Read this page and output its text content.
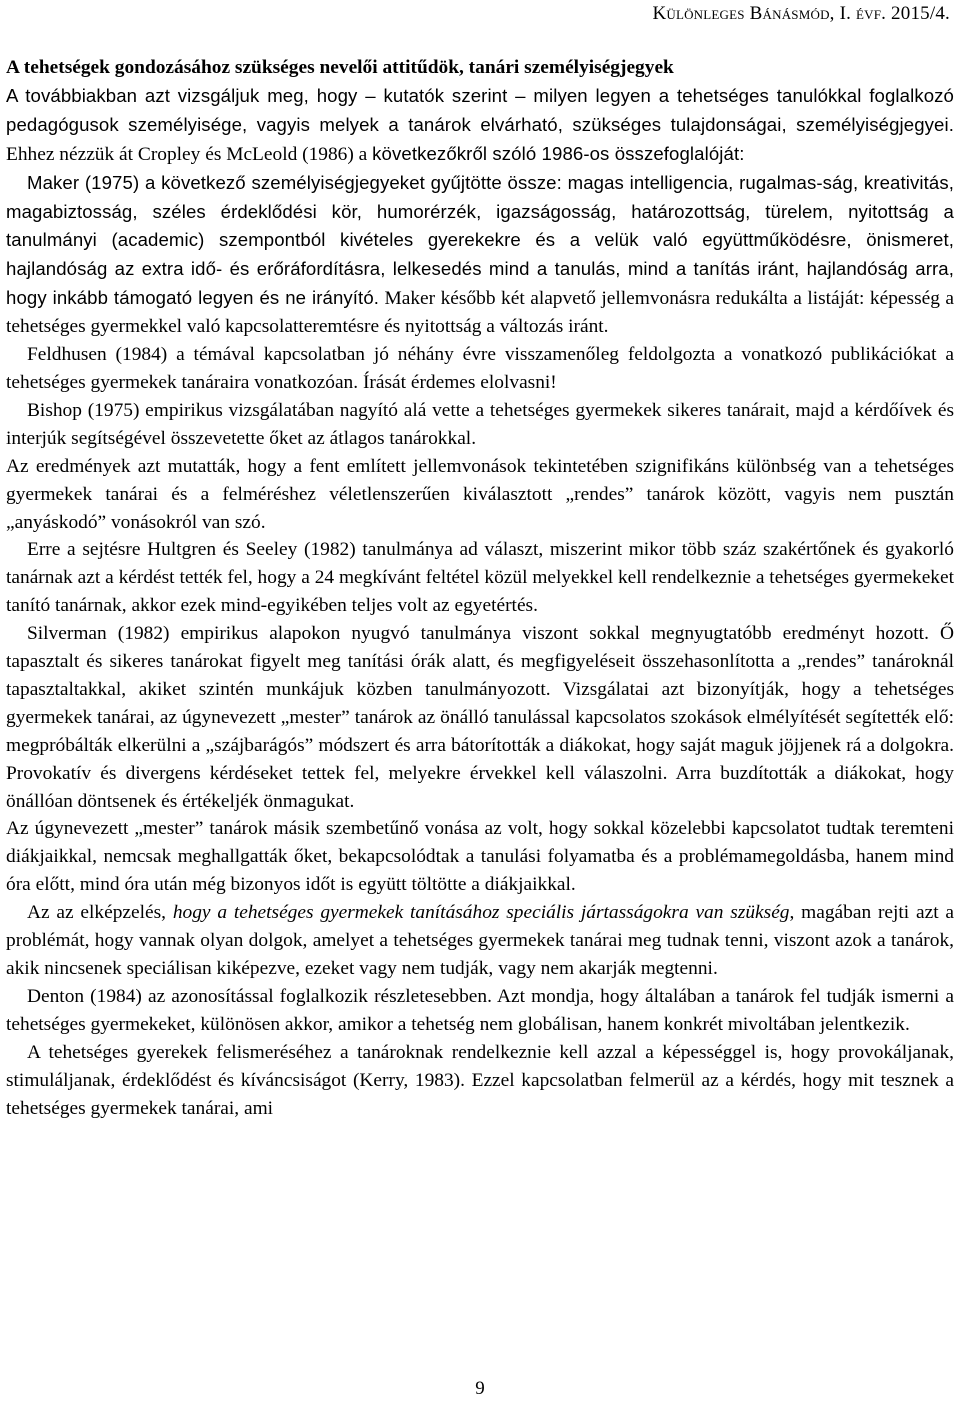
Különleges Bánásmód, I. évf. 2015/4.
A tehetségek gondozásához szükséges nevelői attitűdök, tanári személyiségjegyek

A továbbiakban azt vizsgáljuk meg, hogy – kutatók szerint – milyen legyen a tehetséges tanulókkal foglalkozó pedagógusok személyisége, vagyis melyek a tanárok elvárható, szükséges tulajdonságai, személyiségjegyei. Ehhez nézzük át Cropley és McLeold (1986) a következőkről szóló 1986-os összefoglalóját:

Maker (1975) a következő személyiségjegyeket gyűjtötte össze: magas intelligencia, rugalmas-ság, kreativitás, magabiztosság, széles érdeklődési kör, humorérzék, igazságosság, határozottság, türelem, nyitottság a tanulmányi (academic) szempontból kivételes gyerekekre és a velük való együttműködésre, önismeret, hajlandóság az extra idő- és erőráfordításra, lelkesedés mind a tanulás, mind a tanítás iránt, hajlandóság arra, hogy inkább támogató legyen és ne irányító. Maker később két alapvető jellemvonásra redukálta a listáját: képesség a tehetséges gyermekkel való kapcsolatteremtésre és nyitottság a változás iránt.

Feldhusen (1984) a témával kapcsolatban jó néhány évre visszamenőleg feldolgozta a vonatkozó publikációkat a tehetséges gyermekek tanáraira vonatkozóan. Írását érdemes elolvasni!

Bishop (1975) empirikus vizsgálatában nagyító alá vette a tehetséges gyermekek sikeres tanárait, majd a kérdőívek és interjúk segítségével összevetette őket az átlagos tanárokkal.

Az eredmények azt mutatták, hogy a fent említett jellemvonások tekintetében szignifikáns különbség van a tehetséges gyermekek tanárai és a felméréshez véletlenszerűen kiválasztott „rendes” tanárok között, vagyis nem pusztán „anyáskodó” vonásokról van szó.

Erre a sejtésre Hultgren és Seeley (1982) tanulmánya ad választ, miszerint mikor több száz szakértőnek és gyakorló tanárnak azt a kérdést tették fel, hogy a 24 megkívánt feltétel közül melyekkel kell rendelkeznie a tehetséges gyermekeket tanító tanárnak, akkor ezek mind-egyikében teljes volt az egyetértés.

Silverman (1982) empirikus alapokon nyugvó tanulmánya viszont sokkal megnyugtatóbb eredményt hozott. Ő tapasztalt és sikeres tanárokat figyelt meg tanítási órák alatt, és megfigyeléseit összehasonlította a „rendes” tanároknál tapasztaltakkal, akiket szintén munkájuk közben tanulmányozott. Vizsgálatai azt bizonyítják, hogy a tehetséges gyermekek tanárai, az úgynevezett „mester” tanárok az önálló tanulással kapcsolatos szokások elmélyítését segítették elő: megpróbálták elkerülni a „szájbarágós” módszert és arra bátorították a diákokat, hogy saját maguk jöjjenek rá a dolgokra. Provokatív és divergens kérdéseket tettek fel, melyekre érvekkel kell válaszolni. Arra buzdították a diákokat, hogy önállóan döntsenek és értékeljék önmagukat.

Az úgynevezett „mester” tanárok másik szembetűnő vonása az volt, hogy sokkal közelebbi kapcsolatot tudtak teremteni diákjaikkal, nemcsak meghallgatták őket, bekapcsolódtak a tanulási folyamatba és a problémamegoldásba, hanem mind óra előtt, mind óra után még bizonyos időt is együtt töltötte a diákjaikkal.

Az az elképzelés, hogy a tehetséges gyermekek tanításához speciális jártasságokra van szükség, magában rejti azt a problémát, hogy vannak olyan dolgok, amelyet a tehetséges gyermekek tanárai meg tudnak tenni, viszont azok a tanárok, akik nincsenek speciálisan kiképezve, ezeket vagy nem tudják, vagy nem akarják megtenni.

Denton (1984) az azonosítással foglalkozik részletesebben. Azt mondja, hogy általában a tanárok fel tudják ismerni a tehetséges gyermekeket, különösen akkor, amikor a tehetség nem globálisan, hanem konkrét mivoltában jelentkezik.

A tehetséges gyerekek felismeréséhez a tanároknak rendelkeznie kell azzal a képességgel is, hogy provokáljanak, stimuláljanak, érdeklődést és kíváncsiságot (Kerry, 1983). Ezzel kapcsolatban felmerül az a kérdés, hogy mit tesznek a tehetséges gyermekek tanárai, ami

9
